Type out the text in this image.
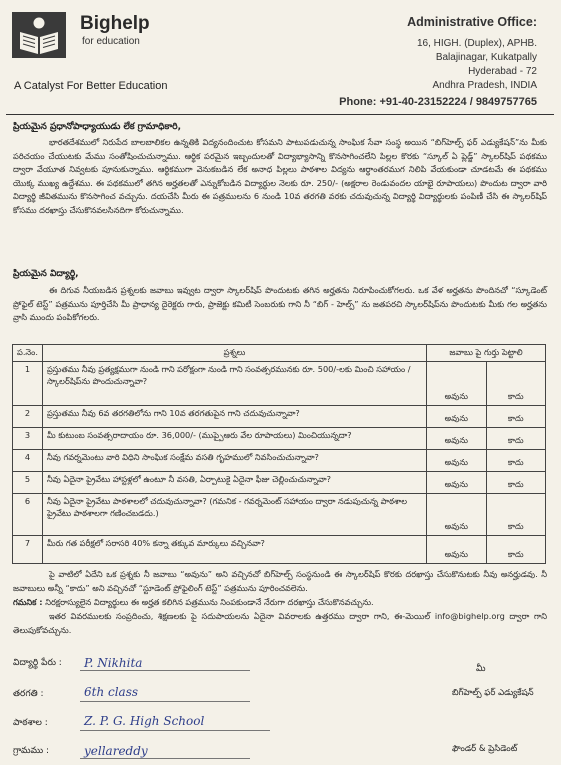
Bighelp
for education
A Catalyst For Better Education
Administrative Office:
16, HIGH. (Duplex), APHB.
Balajinagar, Kukatpally
Hyderabad - 72
Andhra Pradesh, INDIA
Phone: +91-40-23152224 / 9849757765
ప్రియమైన ప్రధానోపాధ్యాయుడు లేక గ్రామాధికారి,
భారతదేశములో నిరుపేద బాలబాలికల ఉన్నతికి విద్యనందించుట కోసమని పాటుపడుచున్న సాంఘిక సేవా సంస్థ అయిన “బిగ్‌హెల్ప్ ఫర్ ఎడ్యుకేషన్”ను మీకు పరిచయం చేయుటకు మేము సంతోషించుచున్నాము. ఆర్థిక పరమైన ఇబ్బందులతో విద్యాభ్యాసాన్ని కొనసాగించలేని పిల్లల కొరకు “స్కూల్ ఏ ప్లెడ్జ్” స్కాలర్‌షిప్ పథకము ద్వారా వేయూత నివ్వటకు పూనుకున్నాము. ఆర్థికముగా వెనుకబడిన లేక అనాధ పిల్లలు పాఠశాల విద్యను ఆర్థాంతరముగ నిలిపి వేయకుండా చూడటమే ఈ పథకము యొక్క ముఖ్య ఉద్దేశము. ఈ పథకములో తగిన అర్హతలతో ఎన్నుకోబడిన విద్యార్థుల నెలకు రూ. 250/- (అక్షరాల రెండువందల యాభై రూపాయలు) పొందుట ద్వారా వారి విద్యార్థి జీవితమును కొనసాగించ వచ్చును. దయచేసి మీరు ఈ పత్రములను 6 నుండి 10వ తరగతి వరకు చదువుచున్న విద్యార్థి విద్యార్థులకు పంపిణీ చేసి ఈ స్కాలర్‌షిప్ కోసము దరఖాస్తు చేసుకొనవలసినదిగా కోరుచున్నాము.
ప్రియమైన విద్యార్థి,
ఈ దిగువ నీయబడిన ప్రశ్నలకు జవాబు ఇవ్వుట ద్వారా స్కాలర్‌షిప్ పొందుటకు తగిన అర్హతను నిరూపించుకోగలరు. ఒక వేళ అర్హతను పొందినచో “స్కూడెంట్ ప్రోఫైల్ టెస్ట్” పత్రమును పూర్తిచేసి మీ ప్రాధాన్య దైరెక్టరు గారు, ప్రాజెక్టు కమిటీ సెంబరుకు గాని నీ “బిగ్ - హెల్ప్” ను జతపరచి స్కాలర్‌షిప్‌ను పొందుటకు మీకు గల అర్హతను వ్రాసి ముందు పంపికోగలరు.
ప.నెం.	ప్రశ్నలు	జవాబు పై గుర్తు పెట్టాలి	
1	ప్రస్తుతము నీవు ప్రత్యక్షముగా నుండి గాని పరోక్షంగా నుండి గాని సంవత్సరమునకు రూ. 500/-లకు మించి సహాయం / స్కాలర్‌షిప్‌ను పొందుచున్నావా?	అవును	కాదు
2	ప్రస్తుతము నీవు 6వ తరగతిలోను గాని 10వ తరగతుపైన గాని చదువుచున్నావా?	అవును	కాదు
3	మీ కుటుంబ సంవత్సరాదాయం రూ. 36,000/- (ముప్పైఆరు వేల రూపాయలు) మించియున్నదా?	అవును	కాదు
4	నీవు గవర్నమెంటు వారి విధిని సాంఘిక సంక్షేమ వసతి గృహములో నివసించుచున్నావా?	అవును	కాదు
5	నీవు ఏదైనా ప్రైవేటు హాస్టళ్లలో ఉంటూ నీ వసతి, ఏర్పాటుకై ఏదైనా ఫీజు చెల్లించుచున్నావా?	అవును	కాదు
6	నీవు ఏదైనా ప్రైవేటు పాఠశాలలో చదువుచున్నావా? (గమనిక - గవర్నమెంట్ సహాయం ద్వారా నడుపుచున్న పాఠశాల ప్రైవేటు పాఠశాలగా గణించబడదు.)	అవును	కాదు
7	మీరు గత పరీక్షలో సరాసరి 40% కన్నా తక్కువ మార్కులు వచ్చినవా?	అవును	కాదు
పై వాటిలో ఏదేని ఒక ప్రశ్నకు నీ జవాబు “అవును” అని వచ్చినచో బిగ్‌హెల్ప్ సంస్థనుండి ఈ స్కాలర్‌షిప్ కొరకు దరఖాస్తు చేసుకొనుటకు నీవు అనర్హుడవు. నీ జవాబులు అన్నీ “కాదు” అని వచ్చినచో “స్టూడెంట్ ప్రోఫైలింగ్ టెస్ట్” పత్రమును పూరించవలెను.
గమనిక : నిరక్షరాస్యులైన విద్యార్థులు ఈ అర్హత కలిగిన పత్రమును నింపకుండానే నేరుగా దరఖాస్తు చేసుకొనవచ్చును.
ఇతర వివరములకు సంప్రదించు, శిక్షణలకు పై సదుపాయలను ఏదైనా వివరాలకు ఉత్తరము ద్వారా గాని, ఈ-మెయిల్ info@bighelp.org ద్వారా గాని తెలుపుకోవచ్చును.
విద్యార్థి పేరు :	P. Nikhita
తరగతి :	6th class
పాఠశాల :	Z. P. G. High School
గ్రామము :	yellareddy
మీ
బిగ్‌హెల్ప్ ఫర్ ఎడ్యుకేషన్
ఫౌండర్ & ప్రెసిడెంట్
